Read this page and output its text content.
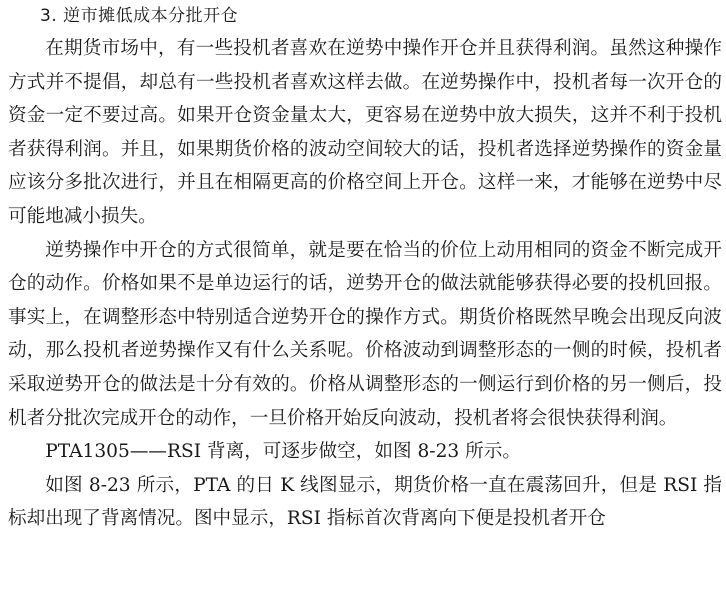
3. 逆市摊低成本分批开仓

在期货市场中，有一些投机者喜欢在逆势中操作开仓并且获得利润。虽然这种操作方式并不提倡，却总有一些投机者喜欢这样去做。在逆势操作中，投机者每一次开仓的资金一定不要过高。如果开仓资金量太大，更容易在逆势中放大损失，这并不利于投机者获得利润。并且，如果期货价格的波动空间较大的话，投机者选择逆势操作的资金量应该分多批次进行，并且在相隔更高的价格空间上开仓。这样一来，才能够在逆势中尽可能地减小损失。

逆势操作中开仓的方式很简单，就是要在恰当的价位上动用相同的资金不断完成开仓的动作。价格如果不是单边运行的话，逆势开仓的做法就能够获得必要的投机回报。事实上，在调整形态中特别适合逆势开仓的操作方式。期货价格既然早晚会出现反向波动，那么投机者逆势操作又有什么关系呢。价格波动到调整形态的一侧的时候，投机者采取逆势开仓的做法是十分有效的。价格从调整形态的一侧运行到价格的另一侧后，投机者分批次完成开仓的动作，一旦价格开始反向波动，投机者将会很快获得利润。

PTA1305——RSI 背离，可逐步做空，如图 8-23 所示。

如图 8-23 所示，PTA 的日 K 线图显示，期货价格一直在震荡回升，但是 RSI 指标却出现了背离情况。图中显示，RSI 指标首次背离向下便是投机者开仓
